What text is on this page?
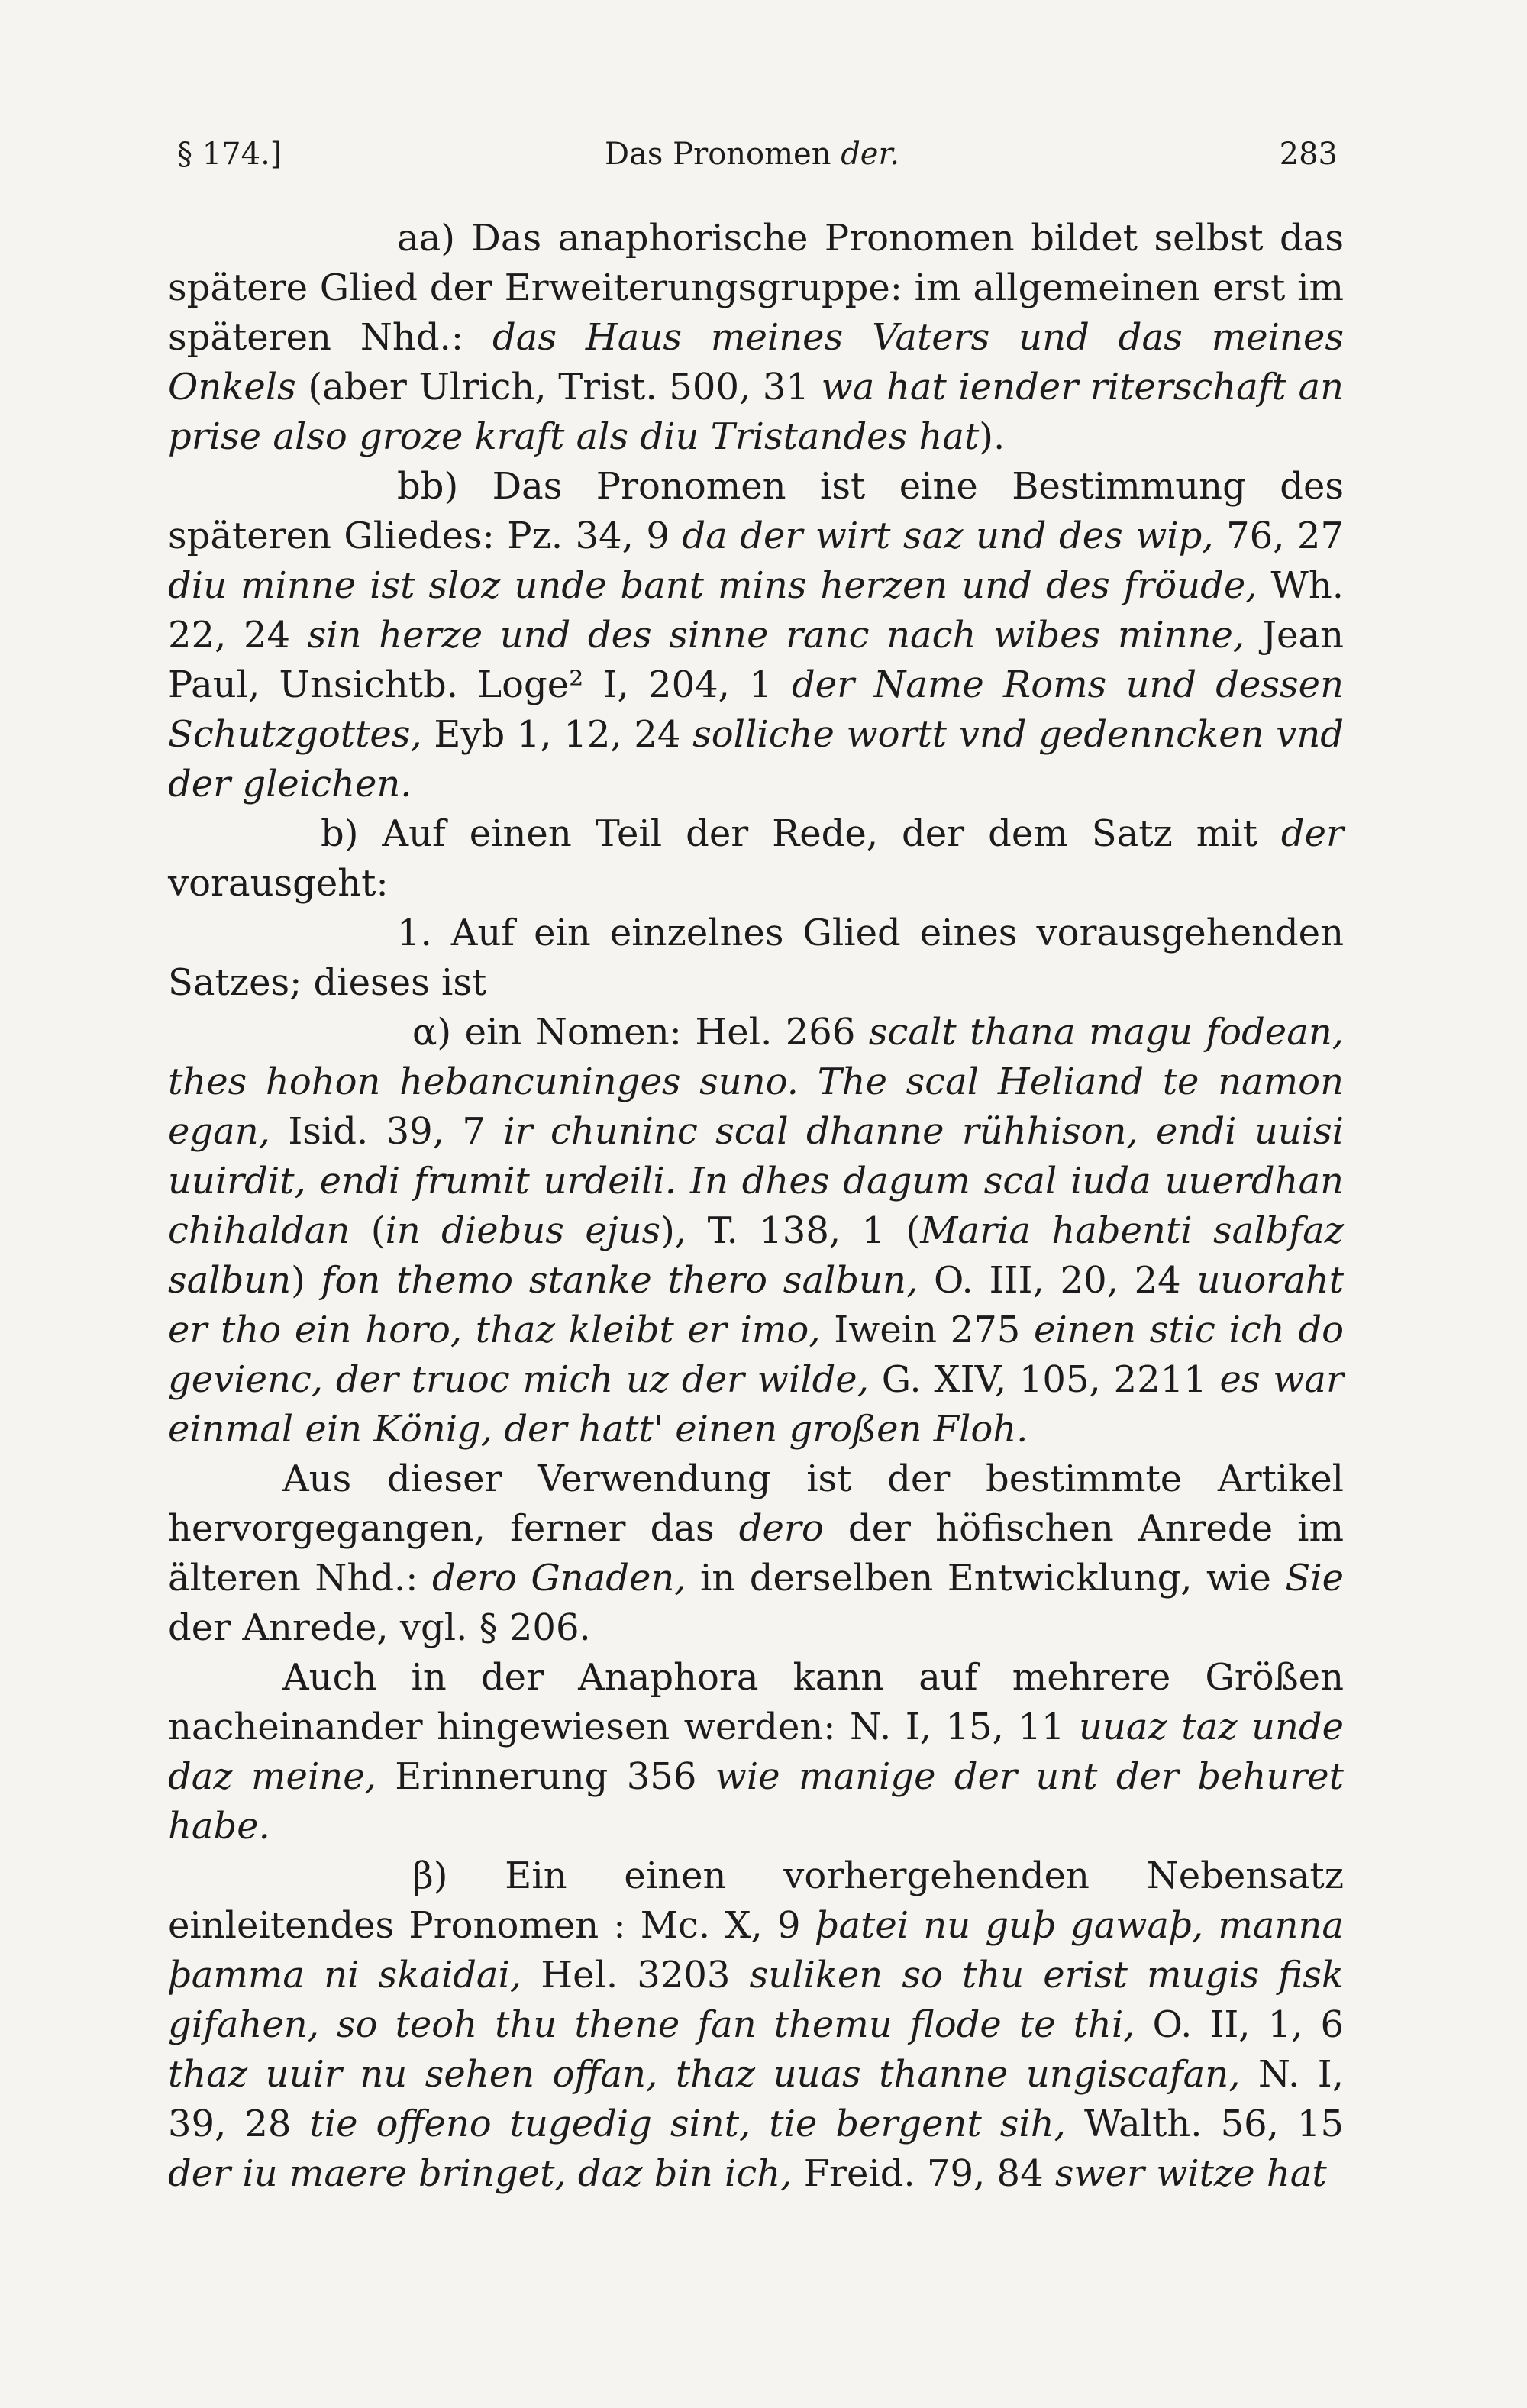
§ 174.]	Das Pronomen der.	283

aa) Das anaphorische Pronomen bildet selbst das spätere Glied der Erweiterungsgruppe: im allgemeinen erst im späteren Nhd.: das Haus meines Vaters und das meines Onkels (aber Ulrich, Trist. 500, 31 wa hat iender riterschaft an prise also groze kraft als diu Tristandes hat).

bb) Das Pronomen ist eine Bestimmung des späteren Gliedes: Pz. 34, 9 da der wirt saz und des wip, 76, 27 diu minne ist sloz unde bant mins herzen und des fröude, Wh. 22, 24 sin herze und des sinne ranc nach wibes minne, Jean Paul, Unsichtb. Loge² I, 204, 1 der Name Roms und dessen Schutzgottes, Eyb 1, 12, 24 solliche wortt vnd gedenncken vnd der gleichen.

b) Auf einen Teil der Rede, der dem Satz mit der vorausgeht:

1. Auf ein einzelnes Glied eines vorausgehenden Satzes; dieses ist

α) ein Nomen: Hel. 266 scalt thana magu fodean, thes hohon hebancuninges suno. The scal Heliand te namon egan, Isid. 39, 7 ir chuninc scal dhanne rühhison, endi uuisi uuirdit, endi frumit urdeili. In dhes dagum scal iuda uuerdhan chihaldan (in diebus ejus), T. 138, 1 (Maria habenti salbfaz salbun) fon themo stanke thero salbun, O. III, 20, 24 uuoraht er tho ein horo, thaz kleibt er imo, Iwein 275 einen stic ich do gevienc, der truoc mich uz der wilde, G. XIV, 105, 2211 es war einmal ein König, der hatt' einen großen Floh.

Aus dieser Verwendung ist der bestimmte Artikel hervorgegangen, ferner das dero der höfischen Anrede im älteren Nhd.: dero Gnaden, in derselben Entwicklung, wie Sie der Anrede, vgl. § 206.

Auch in der Anaphora kann auf mehrere Größen nacheinander hingewiesen werden: N. I, 15, 11 uuaz taz unde daz meine, Erinnerung 356 wie manige der unt der behuret habe.

β) Ein einen vorhergehenden Nebensatz einleitendes Pronomen : Mc. X, 9 þatei nu guþ gawaþ, manna þamma ni skaidai, Hel. 3203 suliken so thu erist mugis fisk gifahen, so teoh thu thene fan themu flode te thi, O. II, 1, 6 thaz uuir nu sehen offan, thaz uuas thanne ungiscafan, N. I, 39, 28 tie offeno tugedig sint, tie bergent sih, Walth. 56, 15 der iu maere bringet, daz bin ich, Freid. 79, 84 swer witze hat
